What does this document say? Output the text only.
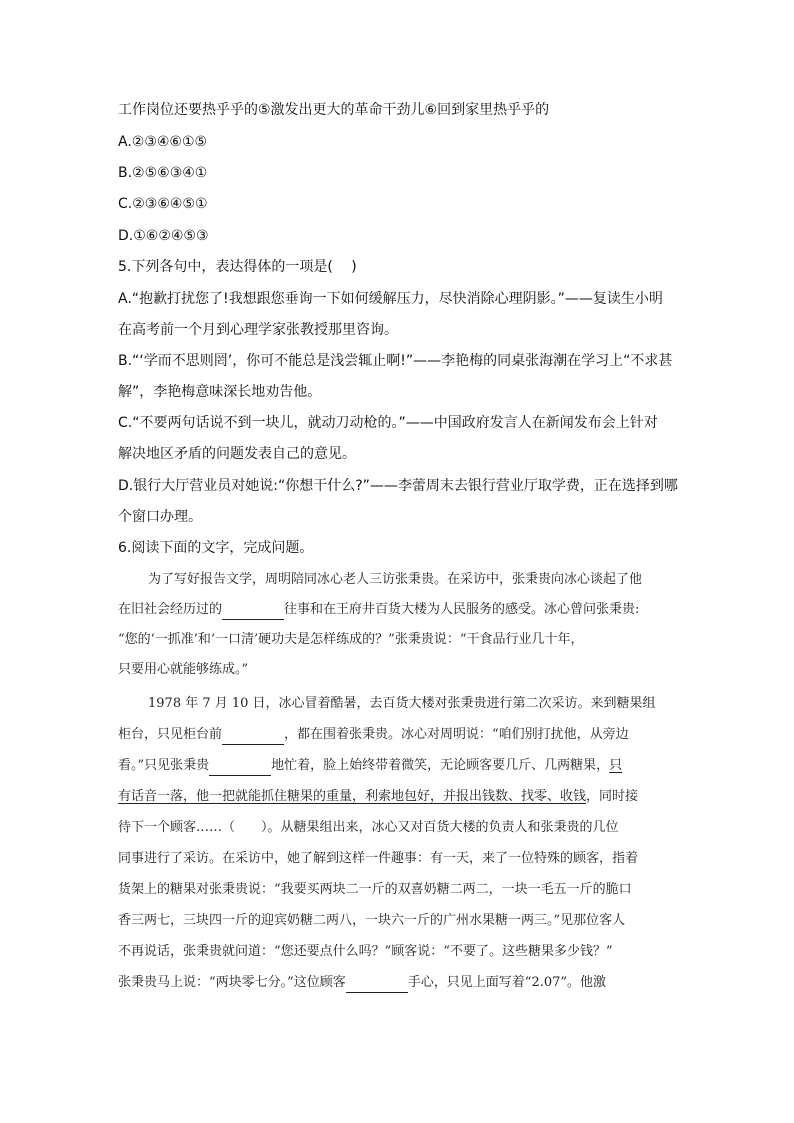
工作岗位还要热乎乎的⑤激发出更大的革命干劲儿⑥回到家里热乎乎的
A.②③④⑥①⑤
B.②⑤⑥③④①
C.②③⑥④⑤①
D.①⑥②④⑤③
5.下列各句中，表达得体的一项是(　 )
A.“抱歉打扰您了!我想跟您垂询一下如何缓解压力，尽快消除心理阴影。”——复读生小明
在高考前一个月到心理学家张教授那里咨询。
B.“‘学而不思则罔’，你可不能总是浅尝辄止啊!”——李艳梅的同桌张海潮在学习上“不求甚
解”，李艳梅意味深长地劝告他。
C.“不要两句话说不到一块儿，就动刀动枪的。”——中国政府发言人在新闻发布会上针对
解决地区矛盾的问题发表自己的意见。
D.银行大厅营业员对她说:“你想干什么?”——李蕾周末去银行营业厅取学费，正在选择到哪
个窗口办理。
6.阅读下面的文字，完成问题。
为了写好报告文学，周明陪同冰心老人三访张秉贵。在采访中，张秉贵向冰心谈起了他
在旧社会经历过的	往事和在王府井百货大楼为人民服务的感受。冰心曾问张秉贵:
“您的‘一抓准’和‘一口清’硬功夫是怎样练成的？”张秉贵说：“干食品行业几十年，
只要用心就能够练成。”
1978 年 7 月 10 日，冰心冒着酷暑，去百货大楼对张秉贵进行第二次采访。来到糖果组
柜台，只见柜台前	，都在围着张秉贵。冰心对周明说：“咱们别打扰他，从旁边
看。”只见张秉贵	地忙着，脸上始终带着微笑，无论顾客要几斤、几两糖果，只
有话音一落，他一把就能抓住糖果的重量，利索地包好，并报出钱数、找零、收钱，同时接
待下一个顾客……（　　）。从糖果组出来，冰心又对百货大楼的负责人和张秉贵的几位
同事进行了采访。在采访中，她了解到这样一件趣事：有一天，来了一位特殊的顾客，指着
货架上的糖果对张秉贵说：“我要买两块二一斤的双喜奶糖二两二，一块一毛五一斤的脆口
香三两七，三块四一斤的迎宾奶糖二两八，一块六一斤的广州水果糖一两三。”见那位客人
不再说话，张秉贵就问道：“您还要点什么吗？”顾客说：“不要了。这些糖果多少钱？”
张秉贵马上说：“两块零七分。”这位顾客	手心，只见上面写着“2.07”。他激
